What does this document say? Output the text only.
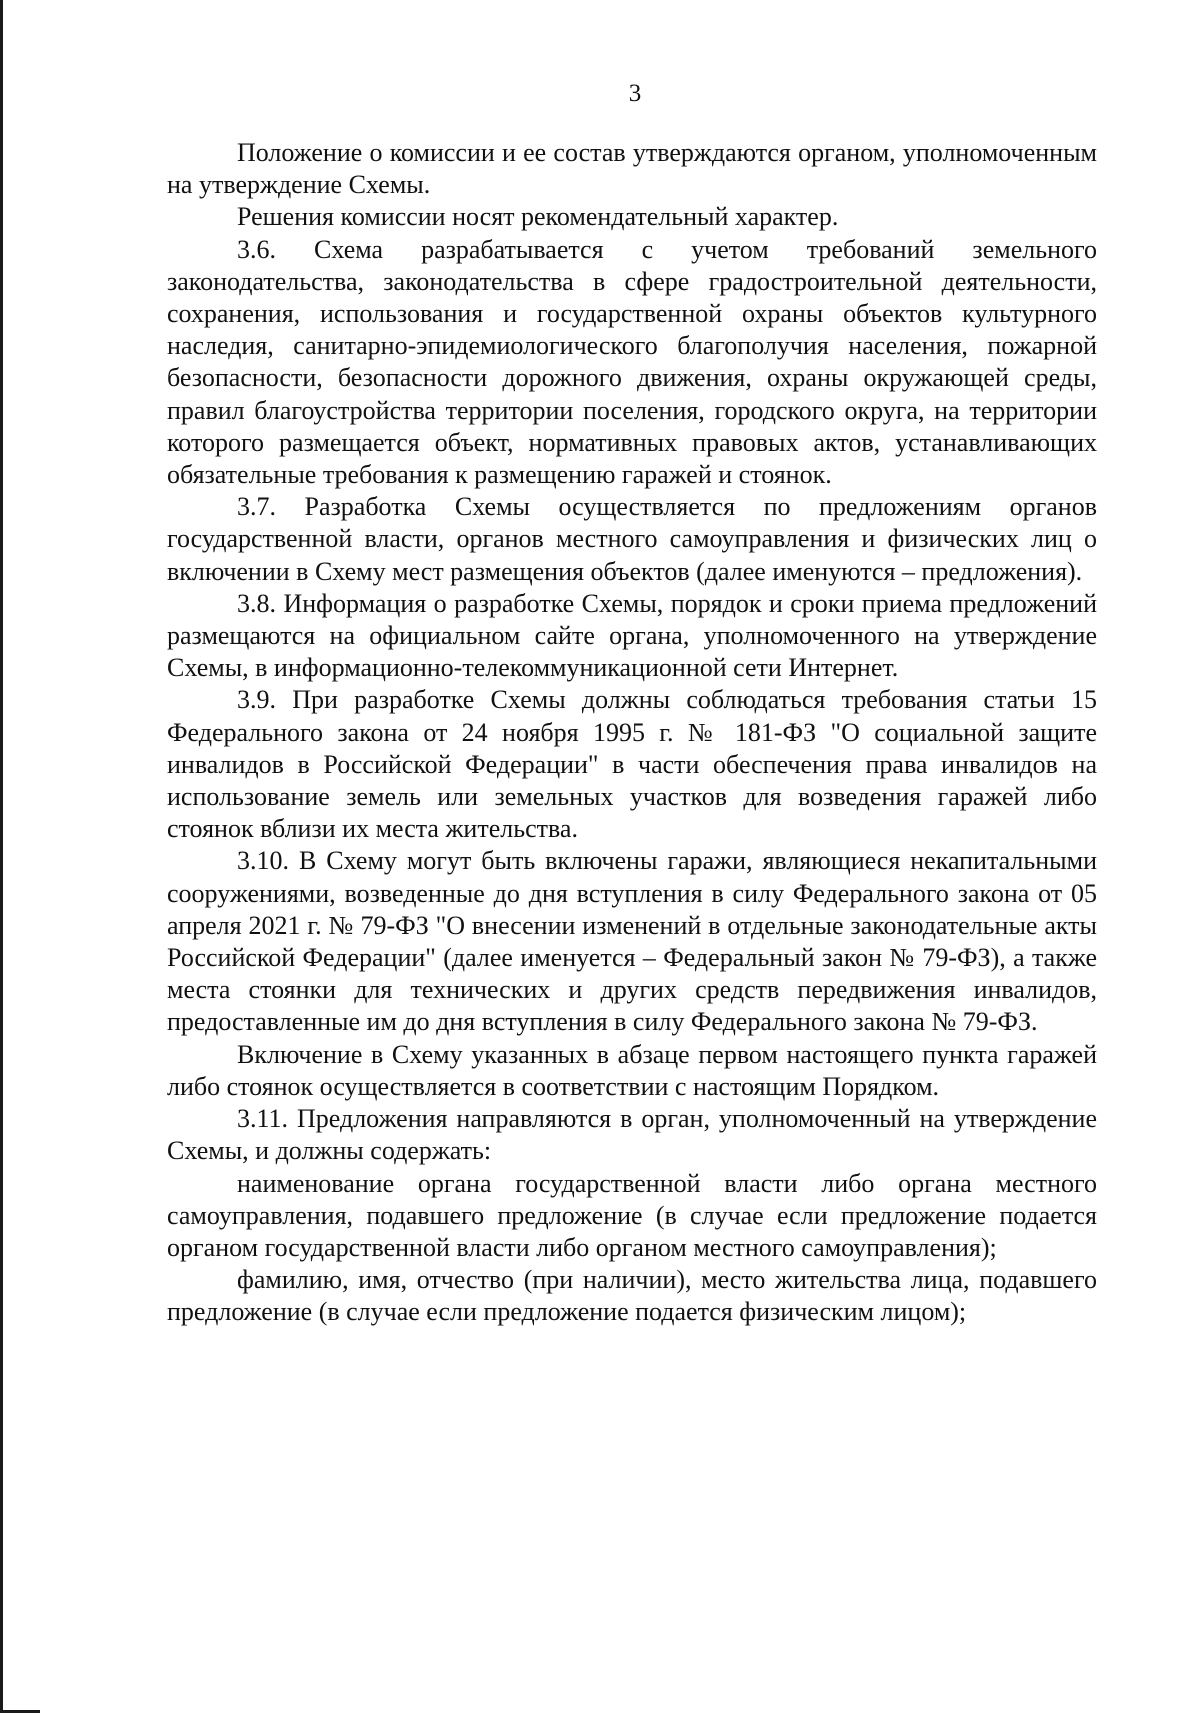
3

Положение о комиссии и ее состав утверждаются органом, уполномоченным на утверждение Схемы.

Решения комиссии носят рекомендательный характер.

3.6. Схема разрабатывается с учетом требований земельного законодательства, законодательства в сфере градостроительной деятельности, сохранения, использования и государственной охраны объектов культурного наследия, санитарно-эпидемиологического благополучия населения, пожарной безопасности, безопасности дорожного движения, охраны окружающей среды, правил благоустройства территории поселения, городского округа, на территории которого размещается объект, нормативных правовых актов, устанавливающих обязательные требования к размещению гаражей и стоянок.

3.7. Разработка Схемы осуществляется по предложениям органов государственной власти, органов местного самоуправления и физических лиц о включении в Схему мест размещения объектов (далее именуются – предложения).

3.8. Информация о разработке Схемы, порядок и сроки приема предложений размещаются на официальном сайте органа, уполномоченного на утверждение Схемы, в информационно-телекоммуникационной сети Интернет.

3.9. При разработке Схемы должны соблюдаться требования статьи 15 Федерального закона от 24 ноября 1995 г. № 181-ФЗ "О социальной защите инвалидов в Российской Федерации" в части обеспечения права инвалидов на использование земель или земельных участков для возведения гаражей либо стоянок вблизи их места жительства.

3.10. В Схему могут быть включены гаражи, являющиеся некапитальными сооружениями, возведенные до дня вступления в силу Федерального закона от 05 апреля 2021 г. № 79-ФЗ "О внесении изменений в отдельные законодательные акты Российской Федерации" (далее именуется – Федеральный закон № 79-ФЗ), а также места стоянки для технических и других средств передвижения инвалидов, предоставленные им до дня вступления в силу Федерального закона № 79-ФЗ.

Включение в Схему указанных в абзаце первом настоящего пункта гаражей либо стоянок осуществляется в соответствии с настоящим Порядком.

3.11. Предложения направляются в орган, уполномоченный на утверждение Схемы, и должны содержать:

наименование органа государственной власти либо органа местного самоуправления, подавшего предложение (в случае если предложение подается органом государственной власти либо органом местного самоуправления);

фамилию, имя, отчество (при наличии), место жительства лица, подавшего предложение (в случае если предложение подается физическим лицом);
